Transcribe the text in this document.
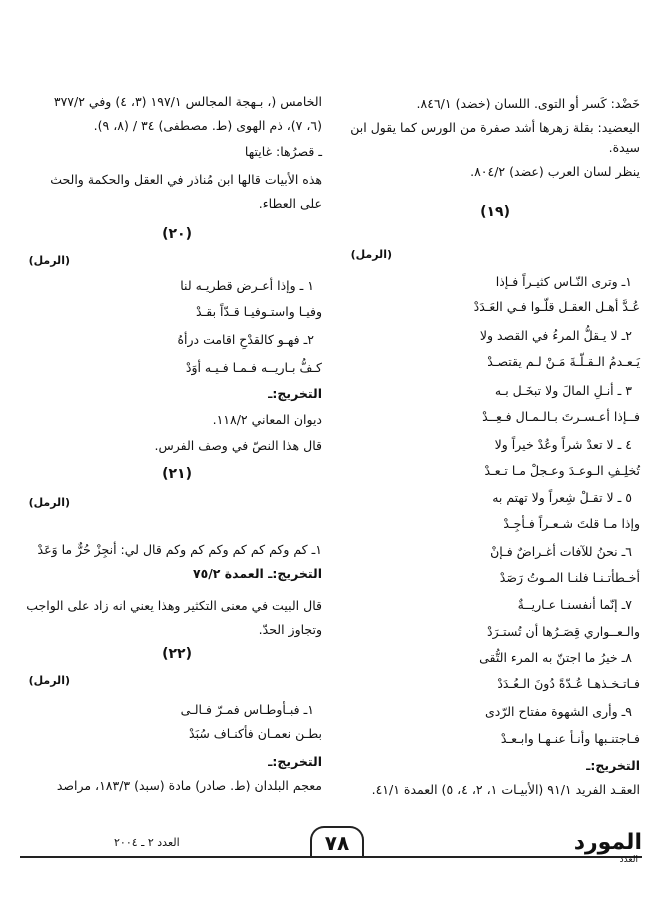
خَضْد: كَسر أو التوى. اللسان (خضد) ٨٤٦/١.
اليعضيد: بقلة زهرها أشد صفرة من الورس كما يقول ابن
سيدة.
ينظر لسان العرب (عضد) ٨٠٤/٢.
(١٩)
(الرمل)
١ـ وترى النّـاس كثيـراً فـإذا
عُـدَّ أهـل العقـل قلّـوا فـي العَـدَدْ
٢ـ لا يـقلُّ المرءُ في القصد ولا
يَـعـدمُ الـقـلّـةَ مَـنْ لـم يقتصـدْ
٣ ـ أنـلِ المالَ ولا تبخَـل بـه
فــإذا أعـسـرتَ بـالـمـال فـعِــدْ
٤ ـ لا تعدْ شراً وعُدْ خيراً ولا
تُخلِـفِ الـوعـدَ وعـجلْ مـا تـعـدْ
٥ ـ لا تقـلْ شِعراً ولا تهتم به
وإذا مـا قلتَ شـعـراً فـأجِـدْ
٦ـ نحنُ للآفات أغـراضٌ فـإنْ
أخـطأتـنـا فلنـا المـوتُ رَصَدْ
٧ـ إنّما أنفسنـا عـاريــةٌ
والـعــواري قِصَـرُها أن تُستـرَدْ
٨ـ خيرُ ما اجتنّ به المرء التُّقى
فـاتـخـذهـا عُـدّةً دُونَ الـعُـدَدْ
٩ـ وأرى الشهوة مفتاح الرّدى
فـاجتنـبها وأنـأ عنـهـا وابـعـدْ
التخريج:ـ
العقـد الفريد ٩١/١ (الأبيـات ١، ٢، ٤، ٥) العمدة ٤١/١.
الخامس (، بـهجة المجالس ١٩٧/١ (٣، ٤) وفي ٣٧٧/٢
(٦، ٧)، ذم الهوى (ط. مصطفى) ٣٤ / (٨، ٩).
ـ قصرُها: غايتها
هذه الأبيات قالها ابن مُناذر في العقل والحكمة والحث
على العطاء.
(٢٠)
(الرمل)
١ ـ وإذا أعـرض قطريـه لنا
وفيـا واستـوفيـا قـدّاً بقـدْ
٢ـ فهـو كالقدْحِ اقامت درأهُ
كـفُّ بـاريــه فـمـا فـيـه أوَدْ
التخريج:ـ
ديوان المعاني ١١٨/٢.
قال هذا النصّ في وصف الفرس.
(٢١)
(الرمل)
١ـ كم وكم كم كم وكم كم وكم قال لي: أنجِزْ حُرٌّ ما وَعَدْ
التخريج:ـ العمدة ٧٥/٢
قال البيت في معنى التكثير وهذا يعني انه زاد على الواجب
وتجاوز الحدّ.
(٢٢)
(الرمل)
١ـ فبـأوطـاس فمـرّ فـالـى
بطـن نعمـان فأكنـاف سُبَدْ
التخريج:ـ
معجم البلدان (ط. صادر) مادة (سبد) ١٨٣/٣، مراصد
المورد
العدد
٧٨
العدد ٢ ـ ٢٠٠٤
